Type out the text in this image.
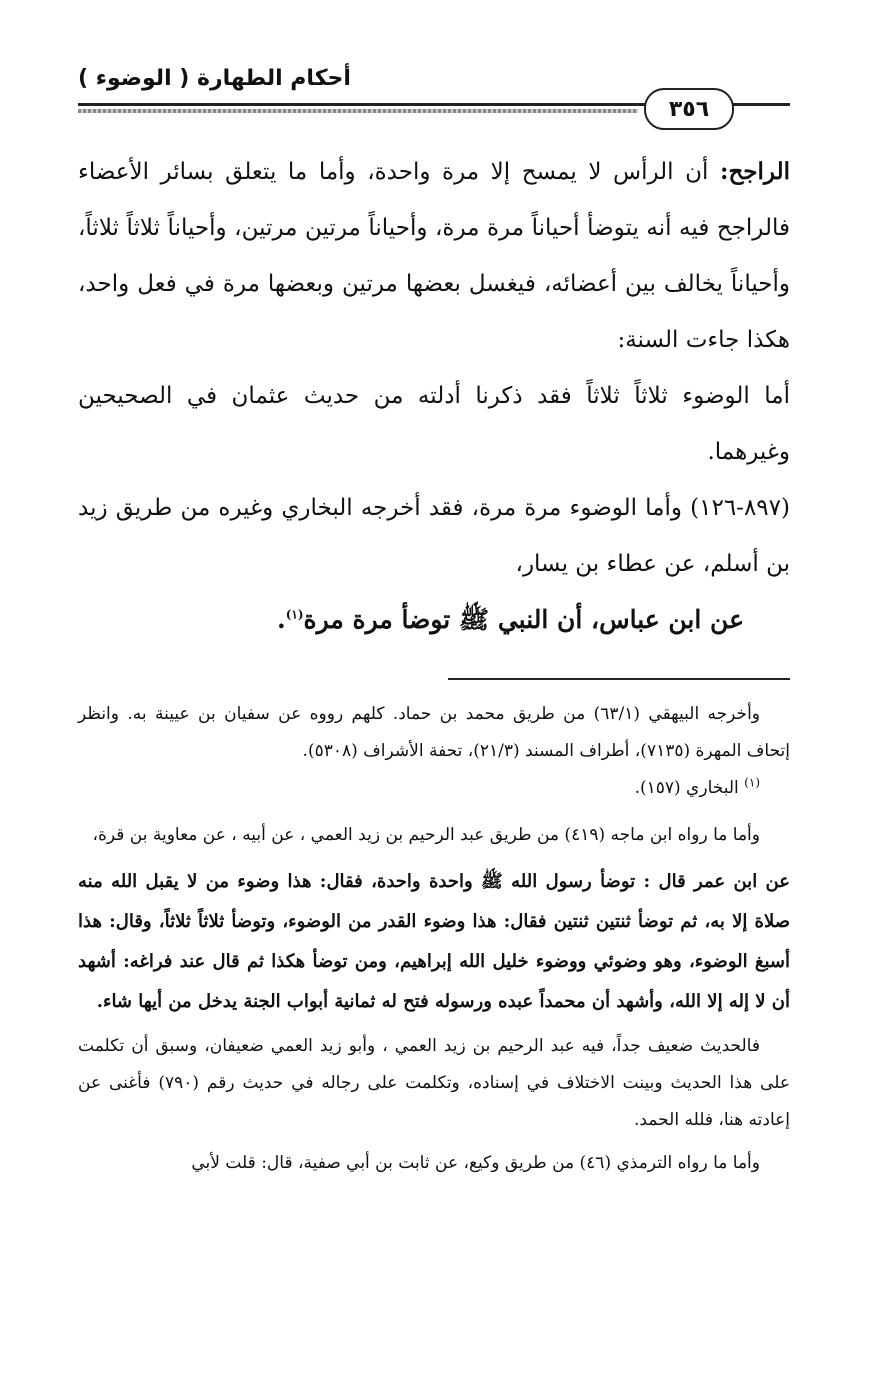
أحكام الطهارة ( الوضوء )
٣٥٦

الراجح: أن الرأس لا يمسح إلا مرة واحدة، وأما ما يتعلق بسائر الأعضاء فالراجح فيه أنه يتوضأ أحياناً مرة مرة، وأحياناً مرتين مرتين، وأحياناً ثلاثاً ثلاثاً، وأحياناً يخالف بين أعضائه، فيغسل بعضها مرتين وبعضها مرة في فعل واحد، هكذا جاءت السنة:

أما الوضوء ثلاثاً ثلاثاً فقد ذكرنا أدلته من حديث عثمان في الصحيحين وغيرهما.

(٨٩٧-١٢٦) وأما الوضوء مرة مرة، فقد أخرجه البخاري وغيره من طريق زيد بن أسلم، عن عطاء بن يسار،

عن ابن عباس، أن النبي ﷺ توضأ مرة مرة$^{(١)}$.

وأخرجه البيهقي (٦٣/١) من طريق محمد بن حماد. كلهم رووه عن سفيان بن عيينة به. وانظر إتحاف المهرة (٧١٣٥)، أطراف المسند (٢١/٣)، تحفة الأشراف (٥٣٠٨).

$^{(١)}$ البخاري (١٥٧).

وأما ما رواه ابن ماجه (٤١٩) من طريق عبد الرحيم بن زيد العمي ، عن أبيه ، عن معاوية بن قرة،

عن ابن عمر قال : توضأ رسول الله ﷺ واحدة واحدة، فقال: هذا وضوء من لا يقبل الله منه صلاة إلا به، ثم توضأ ثنتين ثنتين فقال: هذا وضوء القدر من الوضوء، وتوضأ ثلاثاً ثلاثاً، وقال: هذا أسبغ الوضوء، وهو وضوئي ووضوء خليل الله إبراهيم، ومن توضأ هكذا ثم قال عند فراغه: أشهد أن لا إله إلا الله، وأشهد أن محمداً عبده ورسوله فتح له ثمانية أبواب الجنة يدخل من أيها شاء.

فالحديث ضعيف جداً، فيه عبد الرحيم بن زيد العمي ، وأبو زيد العمي ضعيفان، وسبق أن تكلمت على هذا الحديث وبينت الاختلاف في إسناده، وتكلمت على رجاله في حديث رقم (٧٩٠) فأغنى عن إعادته هنا، فلله الحمد.

وأما ما رواه الترمذي (٤٦) من طريق وكيع، عن ثابت بن أبي صفية، قال: قلت لأبي
